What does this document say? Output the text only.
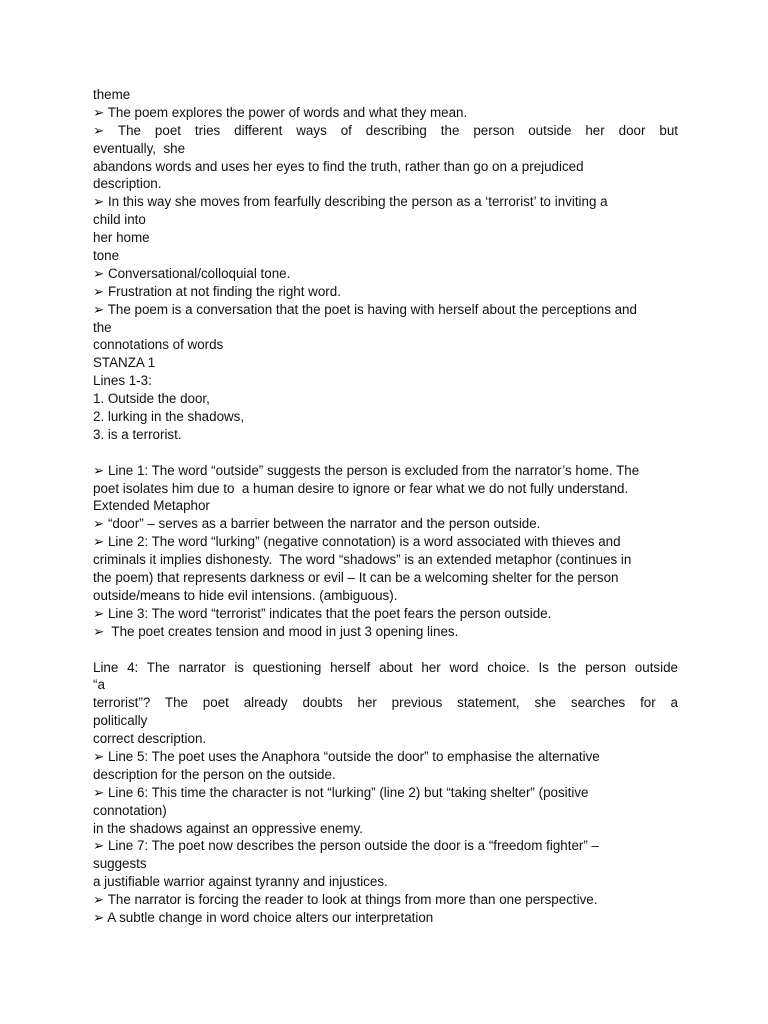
theme
➢ The poem explores the power of words and what they mean.
➢ The poet tries different ways of describing the person outside her door but
eventually,  she
abandons words and uses her eyes to find the truth, rather than go on a prejudiced
description.
➢ In this way she moves from fearfully describing the person as a ‘terrorist’ to inviting a
child into
her home
tone
➢ Conversational/colloquial tone.
➢ Frustration at not finding the right word.
➢ The poem is a conversation that the poet is having with herself about the perceptions and
the
connotations of words
STANZA 1
Lines 1-3:
1. Outside the door,
2. lurking in the shadows,
3. is a terrorist.
➢ Line 1: The word “outside” suggests the person is excluded from the narrator’s home. The
poet isolates him due to  a human desire to ignore or fear what we do not fully understand.
Extended Metaphor
➢ “door” – serves as a barrier between the narrator and the person outside.
➢ Line 2: The word “lurking” (negative connotation) is a word associated with thieves and
criminals it implies dishonesty.  The word “shadows” is an extended metaphor (continues in
the poem) that represents darkness or evil – It can be a welcoming shelter for the person
outside/means to hide evil intensions. (ambiguous).
➢ Line 3: The word “terrorist” indicates that the poet fears the person outside.
➢  The poet creates tension and mood in just 3 opening lines.
Line 4: The narrator is questioning herself about her word choice. Is the person outside
“a
terrorist”? The poet already doubts her previous statement, she searches for a
politically
correct description.
➢ Line 5: The poet uses the Anaphora “outside the door” to emphasise the alternative
description for the person on the outside.
➢ Line 6: This time the character is not “lurking” (line 2) but “taking shelter” (positive
connotation)
in the shadows against an oppressive enemy.
➢ Line 7: The poet now describes the person outside the door is a “freedom fighter” –
suggests
a justifiable warrior against tyranny and injustices.
➢ The narrator is forcing the reader to look at things from more than one perspective.
➢ A subtle change in word choice alters our interpretation
